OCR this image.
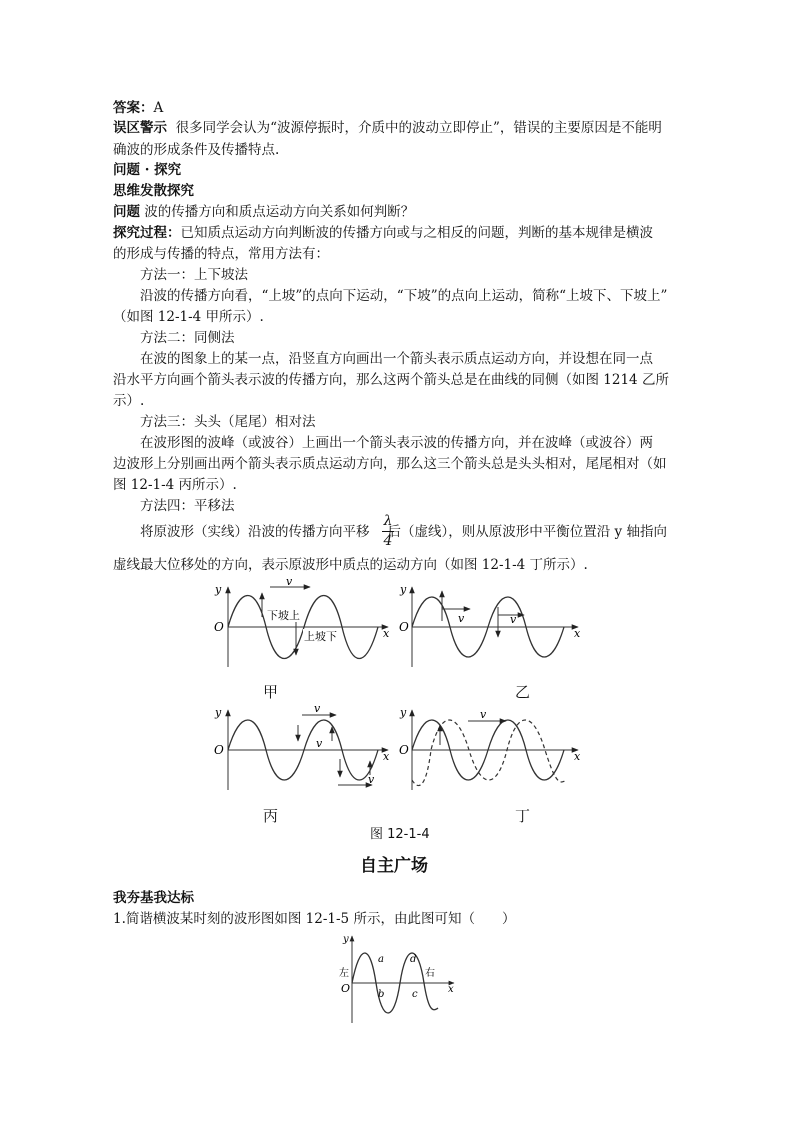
答案：A
误区警示 很多同学会认为“波源停振时，介质中的波动立即停止”，错误的主要原因是不能明
确波的形成条件及传播特点.
问题 · 探究
思维发散探究
问题 波的传播方向和质点运动方向关系如何判断？
探究过程：已知质点运动方向判断波的传播方向或与之相反的问题，判断的基本规律是横波
的形成与传播的特点，常用方法有：
方法一：上下坡法
沿波的传播方向看，“上坡”的点向下运动，“下坡”的点向上运动，简称“上坡下、下坡上”
（如图 12-1-4 甲所示）.
方法二：同侧法
在波的图象上的某一点，沿竖直方向画出一个箭头表示质点运动方向，并设想在同一点
沿水平方向画个箭头表示波的传播方向，那么这两个箭头总是在曲线的同侧（如图 1214 乙所
示）.
方法三：头头（尾尾）相对法
在波形图的波峰（或波谷）上画出一个箭头表示波的传播方向，并在波峰（或波谷）两
边波形上分别画出两个箭头表示质点运动方向，那么这三个箭头总是头头相对，尾尾相对（如
图 12-1-4 丙所示）.
方法四：平移法
将原波形（实线）沿波的传播方向平移 后（虚线），则从原波形中平衡位置沿 y 轴指向
λ
4
虚线最大位移处的方向，表示原波形中质点的运动方向（如图 12-1-4 丁所示）.
y
O	x
v
下坡上
上坡下
y
O	x
v	v
y
O	x
v
v
v
y
O	x
v
甲	乙
丙	丁
图 12-1-4
自主广场
我夯基我达标
1.简谐横波某时刻的波形图如图 12-1-5 所示，由此图可知（　　）
y
O	x
左	右
a
b	c
d
